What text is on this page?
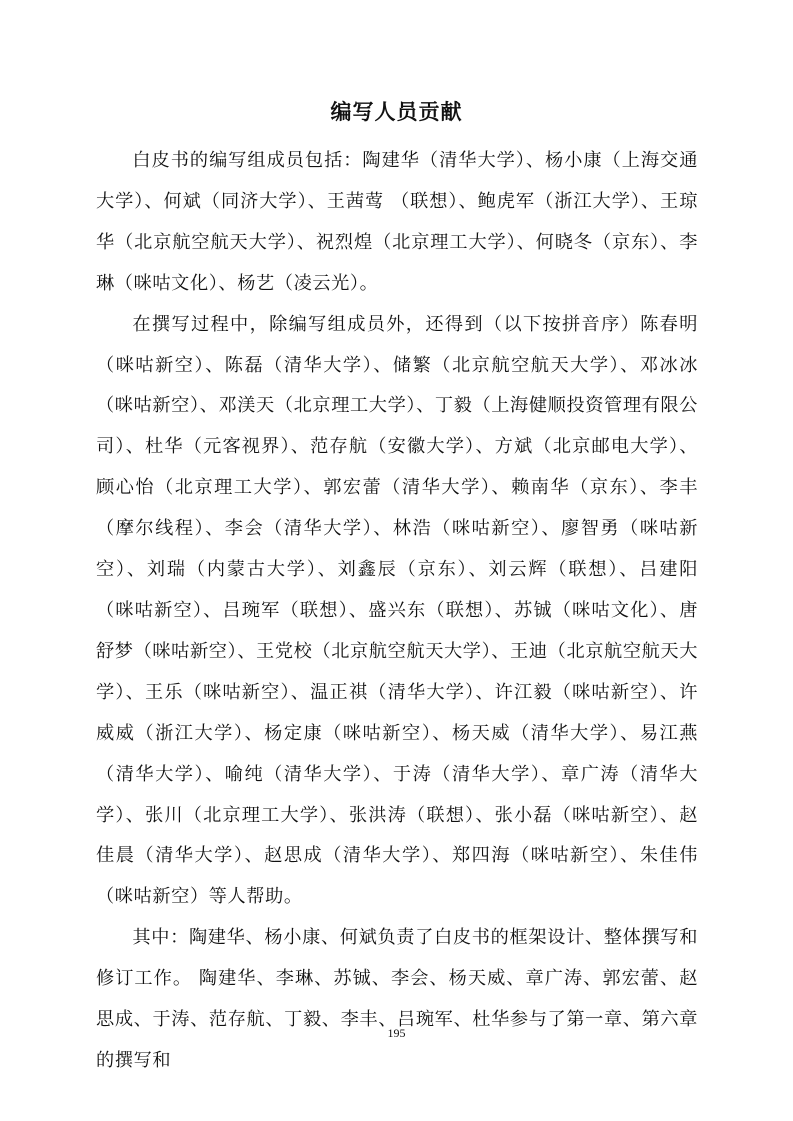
编写人员贡献

白皮书的编写组成员包括：陶建华（清华大学）、杨小康（上海交通大学）、何斌（同济大学）、王茜莺 （联想）、鲍虎军（浙江大学）、王琼华（北京航空航天大学）、祝烈煌（北京理工大学）、何晓冬（京东）、李琳（咪咕文化）、杨艺（凌云光）。

在撰写过程中，除编写组成员外，还得到（以下按拼音序）陈春明（咪咕新空）、陈磊（清华大学）、储繁（北京航空航天大学）、邓冰冰（咪咕新空）、邓渼天（北京理工大学）、丁毅（上海健顺投资管理有限公司）、杜华（元客视界）、范存航（安徽大学）、方斌（北京邮电大学）、顾心怡（北京理工大学）、郭宏蕾（清华大学）、赖南华（京东）、李丰（摩尔线程）、李会（清华大学）、林浩（咪咕新空）、廖智勇（咪咕新空）、刘瑞（内蒙古大学）、刘鑫辰（京东）、刘云辉（联想）、吕建阳（咪咕新空）、吕琬军（联想）、盛兴东（联想）、苏铖（咪咕文化）、唐舒梦（咪咕新空）、王党校（北京航空航天大学）、王迪（北京航空航天大学）、王乐（咪咕新空）、温正祺（清华大学）、许江毅（咪咕新空）、许威威（浙江大学）、杨定康（咪咕新空）、杨天威（清华大学）、易江燕（清华大学）、喻纯（清华大学）、于涛（清华大学）、章广涛（清华大学）、张川（北京理工大学）、张洪涛（联想）、张小磊（咪咕新空）、赵佳晨（清华大学）、赵思成（清华大学）、郑四海（咪咕新空）、朱佳伟（咪咕新空）等人帮助。

其中：陶建华、杨小康、何斌负责了白皮书的框架设计、整体撰写和修订工作。 陶建华、李琳、苏铖、李会、杨天威、章广涛、郭宏蕾、赵思成、于涛、范存航、丁毅、李丰、吕琬军、杜华参与了第一章、第六章的撰写和

195
